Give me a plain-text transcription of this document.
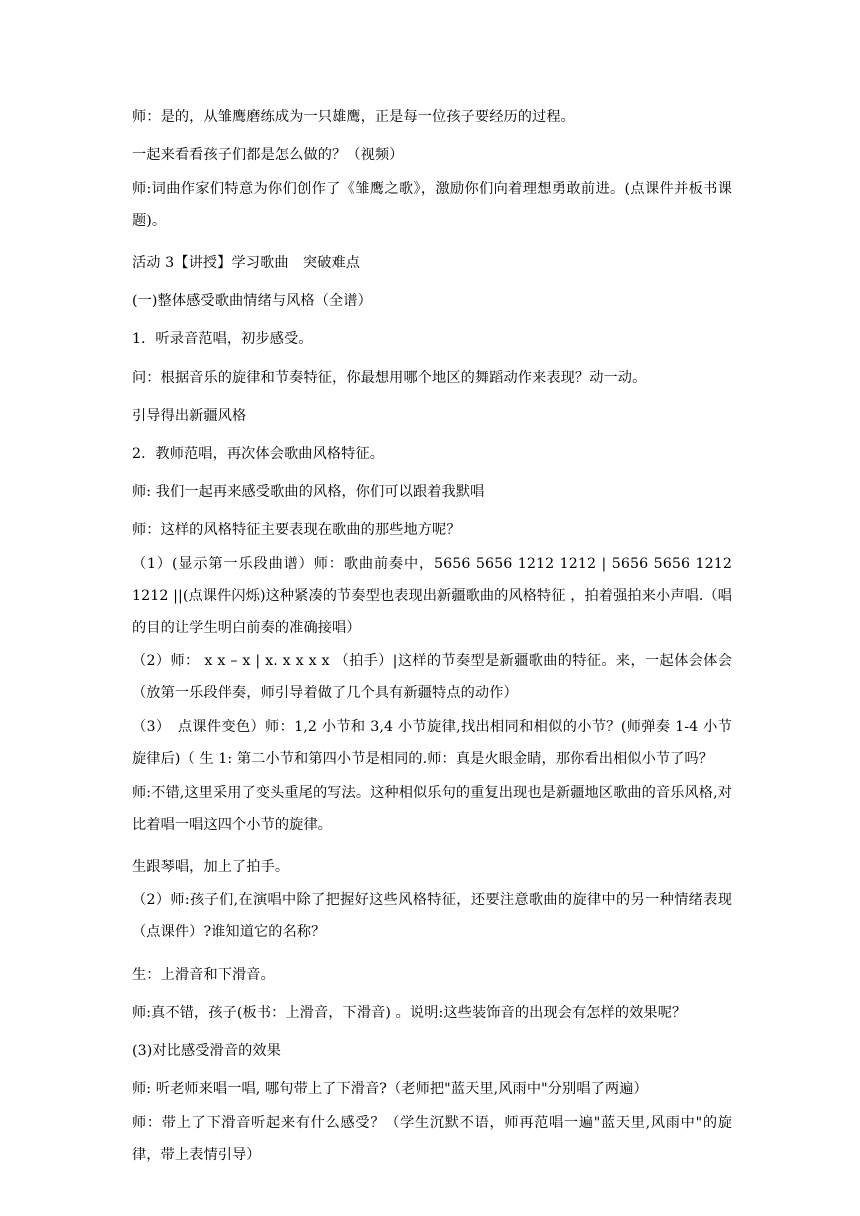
师：是的，从雏鹰磨练成为一只雄鹰，正是每一位孩子要经历的过程。

一起来看看孩子们都是怎么做的？（视频）

师:词曲作家们特意为你们创作了《雏鹰之歌》，激励你们向着理想勇敢前进。(点课件并板书课题)。

活动 3【讲授】学习歌曲　突破难点

(一)整体感受歌曲情绪与风格（全谱）

1．听录音范唱，初步感受。

问：根据音乐的旋律和节奏特征，你最想用哪个地区的舞蹈动作来表现？动一动。

引导得出新疆风格

2．教师范唱，再次体会歌曲风格特征。

师: 我们一起再来感受歌曲的风格，你们可以跟着我默唱

师：这样的风格特征主要表现在歌曲的那些地方呢？

（1）(显示第一乐段曲谱）师：歌曲前奏中，5656 5656 1212 1212 | 5656 5656 1212 1212 ||(点课件闪烁)这种紧凑的节奏型也表现出新疆歌曲的风格特征 ，拍着强拍来小声唱.（唱的目的让学生明白前奏的准确接唱）

（2）师： x x – x | x. x x x x （拍手）|这样的节奏型是新疆歌曲的特征。来，一起体会体会（放第一乐段伴奏，师引导着做了几个具有新疆特点的动作）

（3）　点课件变色）师：1,2 小节和 3,4 小节旋律,找出相同和相似的小节？(师弹奏 1-4 小节旋律后)（ 生 1: 第二小节和第四小节是相同的.师：真是火眼金睛，那你看出相似小节了吗？

师:不错,这里采用了变头重尾的写法。这种相似乐句的重复出现也是新疆地区歌曲的音乐风格,对比着唱一唱这四个小节的旋律。

生跟琴唱，加上了拍手。

（2）师:孩子们,在演唱中除了把握好这些风格特征，还要注意歌曲的旋律中的另一种情绪表现（点课件）?谁知道它的名称？

生：上滑音和下滑音。

师:真不错，孩子(板书：上滑音，下滑音) 。说明:这些装饰音的出现会有怎样的效果呢？

(3)对比感受滑音的效果

师: 听老师来唱一唱, 哪句带上了下滑音?（老师把"蓝天里,风雨中"分别唱了两遍）

师：带上了下滑音听起来有什么感受？（学生沉默不语，师再范唱一遍"蓝天里,风雨中"的旋律，带上表情引导）
